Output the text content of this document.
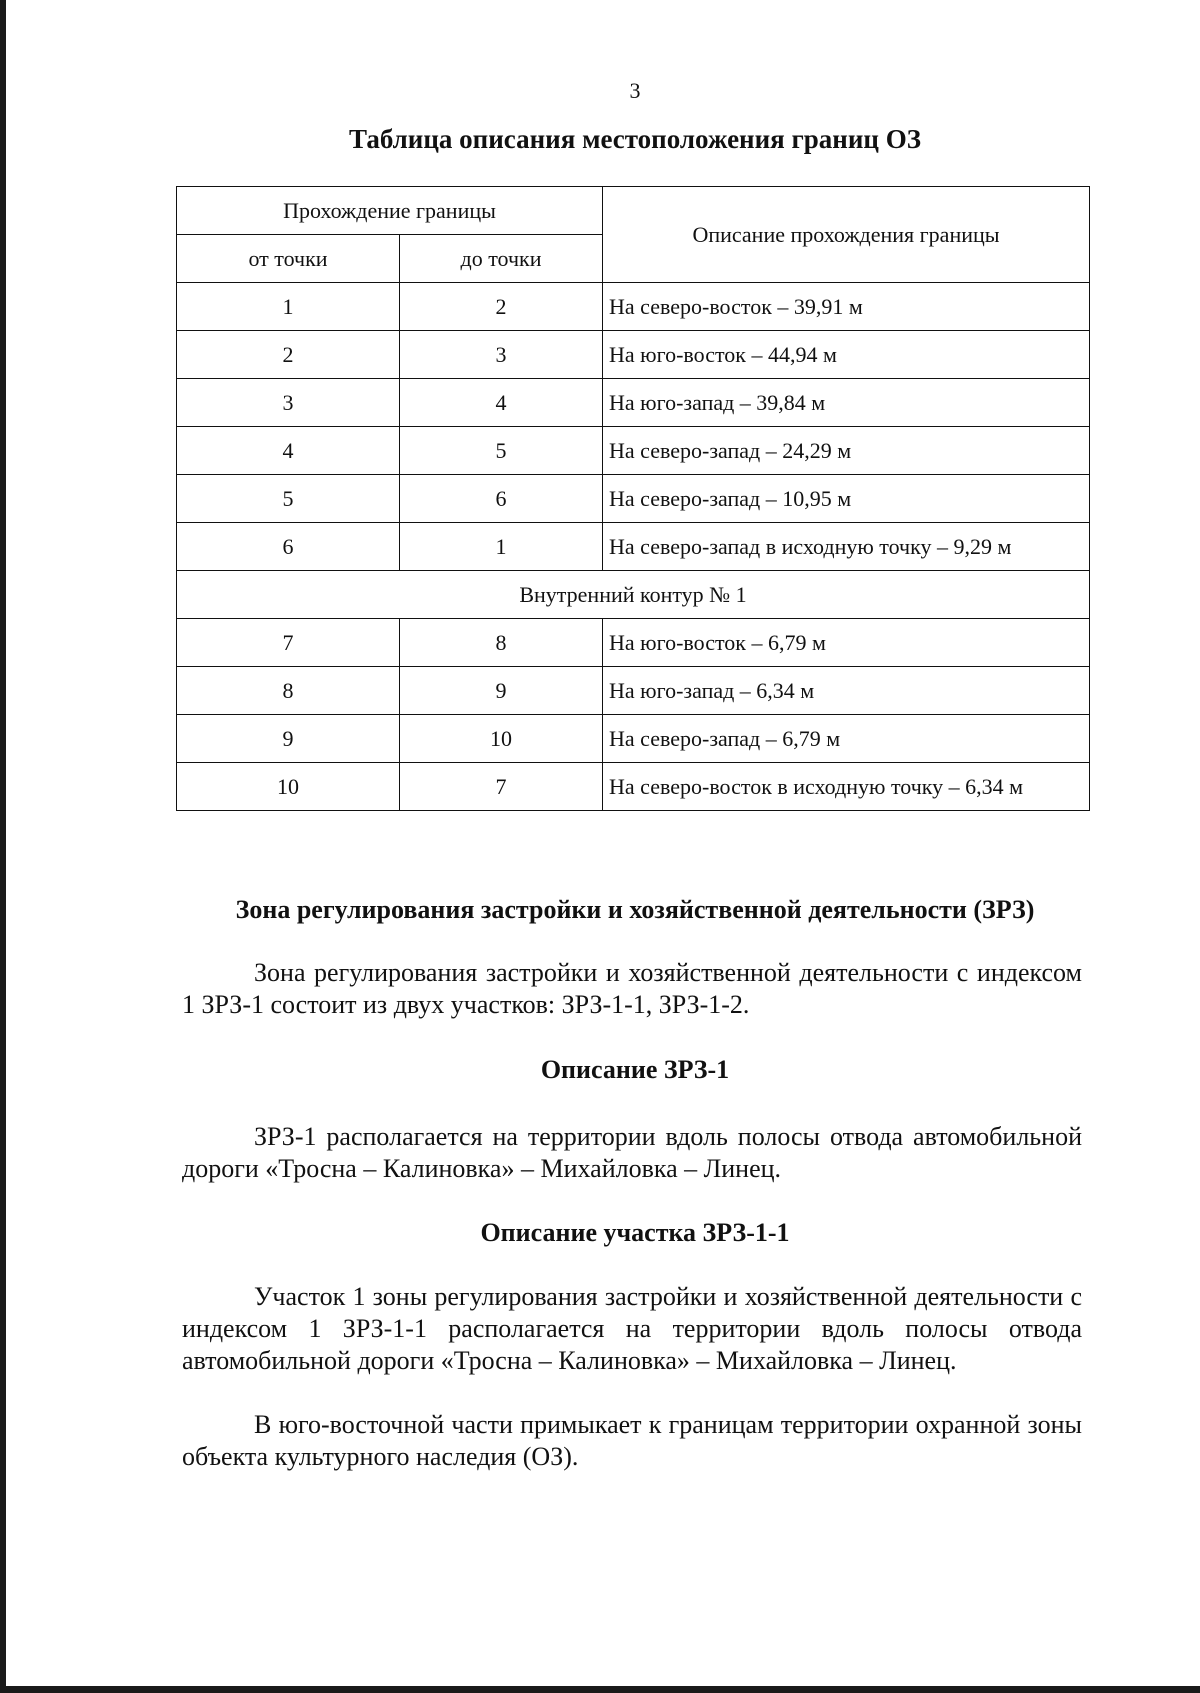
3
Таблица описания местоположения границ ОЗ
Прохождение границы		Описание прохождения границы
от точки	до точки	
1	2	На северо-восток – 39,91 м
2	3	На юго-восток – 44,94 м
3	4	На юго-запад – 39,84 м
4	5	На северо-запад – 24,29 м
5	6	На северо-запад – 10,95 м
6	1	На северо-запад в исходную точку – 9,29 м
Внутренний контур № 1		
7	8	На юго-восток – 6,79 м
8	9	На юго-запад – 6,34 м
9	10	На северо-запад – 6,79 м
10	7	На северо-восток в исходную точку – 6,34 м
Зона регулирования застройки и хозяйственной деятельности (ЗРЗ)
Зона регулирования застройки и хозяйственной деятельности с индексом 1 ЗРЗ-1 состоит из двух участков: ЗРЗ-1-1, ЗРЗ-1-2.
Описание ЗРЗ-1
ЗРЗ-1 располагается на территории вдоль полосы отвода автомобильной дороги «Тросна – Калиновка» – Михайловка – Линец.
Описание участка ЗРЗ-1-1
Участок 1 зоны регулирования застройки и хозяйственной деятельности с индексом 1 ЗРЗ-1-1 располагается на территории вдоль полосы отвода автомобильной дороги «Тросна – Калиновка» – Михайловка – Линец.
В юго-восточной части примыкает к границам территории охранной зоны объекта культурного наследия (ОЗ).
